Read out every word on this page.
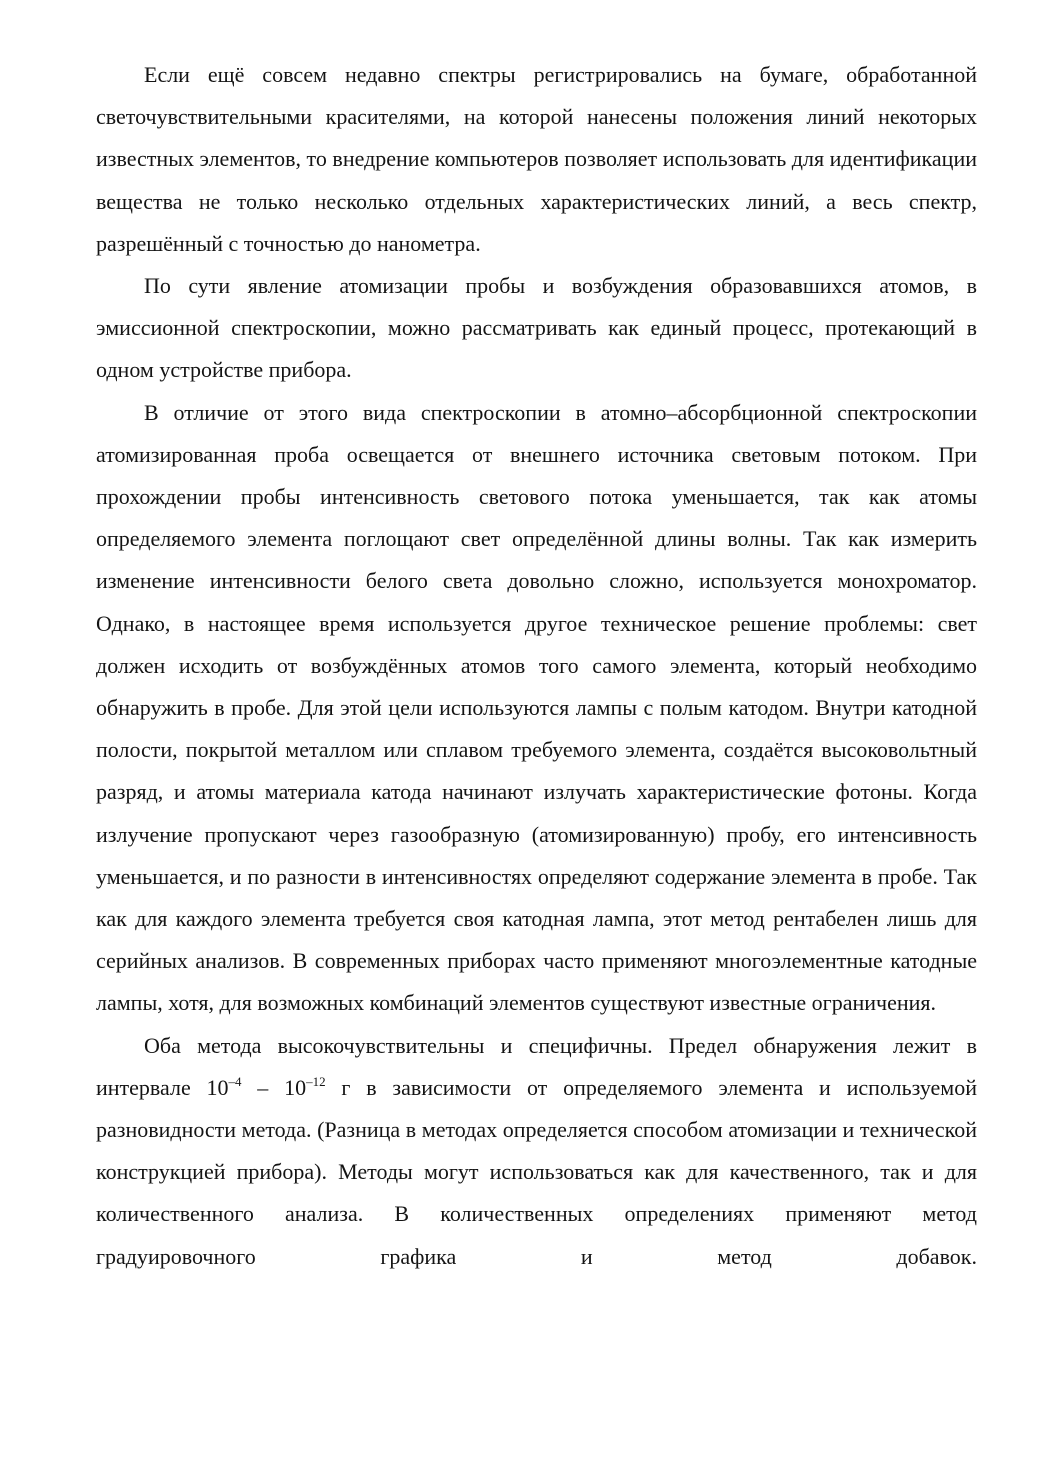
Если ещё совсем недавно спектры регистрировались на бумаге, обработанной светочувствительными красителями, на которой нанесены положения линий некоторых известных элементов, то внедрение компьютеров позволяет использовать для идентификации вещества не только несколько отдельных характеристических линий, а весь спектр, разрешённый с точностью до нанометра.

По сути явление атомизации пробы и возбуждения образовавшихся атомов, в эмиссионной спектроскопии, можно рассматривать как единый процесс, протекающий в одном устройстве прибора.

В отличие от этого вида спектроскопии в атомно–абсорбционной спектроскопии атомизированная проба освещается от внешнего источника световым потоком. При прохождении пробы интенсивность светового потока уменьшается, так как атомы определяемого элемента поглощают свет определённой длины волны. Так как измерить изменение интенсивности белого света довольно сложно, используется монохроматор. Однако, в настоящее время используется другое техническое решение проблемы: свет должен исходить от возбуждённых атомов того самого элемента, который необходимо обнаружить в пробе. Для этой цели используются лампы с полым катодом. Внутри катодной полости, покрытой металлом или сплавом требуемого элемента, создаётся высоковольтный разряд, и атомы материала катода начинают излучать характеристические фотоны. Когда излучение пропускают через газообразную (атомизированную) пробу, его интенсивность уменьшается, и по разности в интенсивностях определяют содержание элемента в пробе. Так как для каждого элемента требуется своя катодная лампа, этот метод рентабелен лишь для серийных анализов. В современных приборах часто применяют многоэлементные катодные лампы, хотя, для возможных комбинаций элементов существуют известные ограничения.

Оба метода высокочувствительны и специфичны. Предел обнаружения лежит в интервале $10^{-4} - 10^{-12}$ г в зависимости от определяемого элемента и используемой разновидности метода. (Разница в методах определяется способом атомизации и технической конструкцией прибора). Методы могут использоваться как для качественного, так и для количественного анализа. В количественных определениях применяют метод градуировочного графика и метод добавок.
